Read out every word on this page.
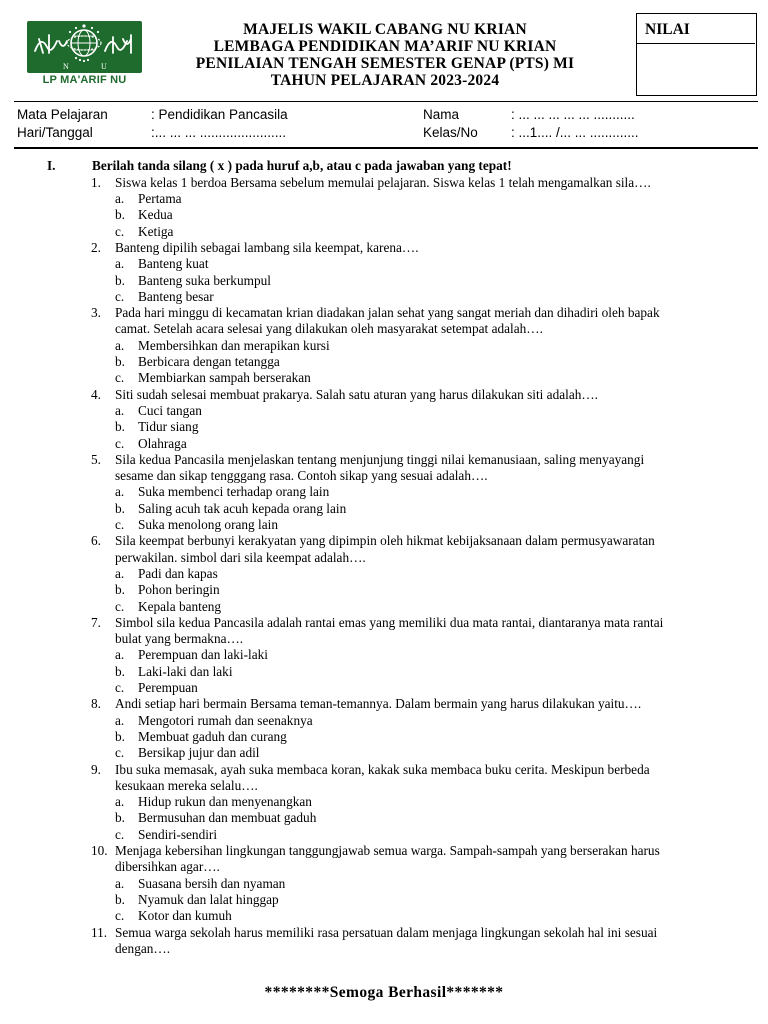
N	U
LP MA'ARIF NU
MAJELIS WAKIL CABANG NU KRIAN
LEMBAGA PENDIDIKAN MA’ARIF NU KRIAN
PENILAIAN TENGAH SEMESTER GENAP (PTS) MI
TAHUN PELAJARAN 2023-2024
NILAI
Mata Pelajaran	: Pendidikan Pancasila	Nama	: ... ... ... ... ... ...........
Hari/Tanggal	:... ... ... .......................	Kelas/No : ...1.... /... ... .............
I.	Berilah tanda silang ( x ) pada huruf a,b, atau c pada jawaban yang tepat!
1. Siswa kelas 1 berdoa Bersama sebelum memulai pelajaran. Siswa kelas 1 telah mengamalkan sila….
a. Pertama
b. Kedua
c. Ketiga
2. Banteng dipilih sebagai lambang sila keempat, karena….
a. Banteng kuat
b. Banteng suka berkumpul
c. Banteng besar
3. Pada hari minggu di kecamatan krian diadakan jalan sehat yang sangat meriah dan dihadiri oleh bapak
camat. Setelah acara selesai yang dilakukan oleh masyarakat setempat adalah….
a. Membersihkan dan merapikan kursi
b. Berbicara dengan tetangga
c. Membiarkan sampah berserakan
4. Siti sudah selesai membuat prakarya. Salah satu aturan yang harus dilakukan siti adalah….
a. Cuci tangan
b. Tidur siang
c. Olahraga
5. Sila kedua Pancasila menjelaskan tentang menjunjung tinggi nilai kemanusiaan, saling menyayangi
sesame dan sikap tengggang rasa. Contoh sikap yang sesuai adalah….
a. Suka membenci terhadap orang lain
b. Saling acuh tak acuh kepada orang lain
c. Suka menolong orang lain
6. Sila keempat berbunyi kerakyatan yang dipimpin oleh hikmat kebijaksanaan dalam permusyawaratan
perwakilan. simbol dari sila keempat adalah….
a. Padi dan kapas
b. Pohon beringin
c. Kepala banteng
7. Simbol sila kedua Pancasila adalah rantai emas yang memiliki dua mata rantai, diantaranya mata rantai
bulat yang bermakna….
a. Perempuan dan laki-laki
b. Laki-laki dan laki
c. Perempuan
8. Andi setiap hari bermain Bersama teman-temannya. Dalam bermain yang harus dilakukan yaitu….
a. Mengotori rumah dan seenaknya
b. Membuat gaduh dan curang
c. Bersikap jujur dan adil
9. Ibu suka memasak, ayah suka membaca koran, kakak suka membaca buku cerita. Meskipun berbeda
kesukaan mereka selalu….
a. Hidup rukun dan menyenangkan
b. Bermusuhan dan membuat gaduh
c. Sendiri-sendiri
10. Menjaga kebersihan lingkungan tanggungjawab semua warga. Sampah-sampah yang berserakan harus
dibersihkan agar….
a. Suasana bersih dan nyaman
b. Nyamuk dan lalat hinggap
c. Kotor dan kumuh
11. Semua warga sekolah harus memiliki rasa persatuan dalam menjaga lingkungan sekolah hal ini sesuai
dengan….
********Semoga Berhasil*******
